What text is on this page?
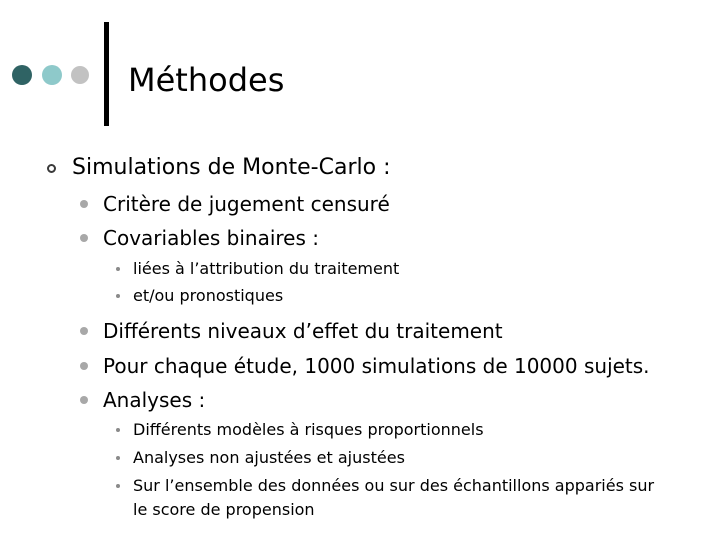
Méthodes
Simulations de Monte-Carlo :
Critère de jugement censuré
Covariables binaires :
liées à l’attribution du traitement
et/ou pronostiques
Différents niveaux d’effet du traitement
Pour chaque étude, 1000 simulations de 10000 sujets.
Analyses :
Différents modèles à risques proportionnels
Analyses non ajustées et ajustées
Sur l’ensemble des données ou sur des échantillons appariés sur
le score de propension
